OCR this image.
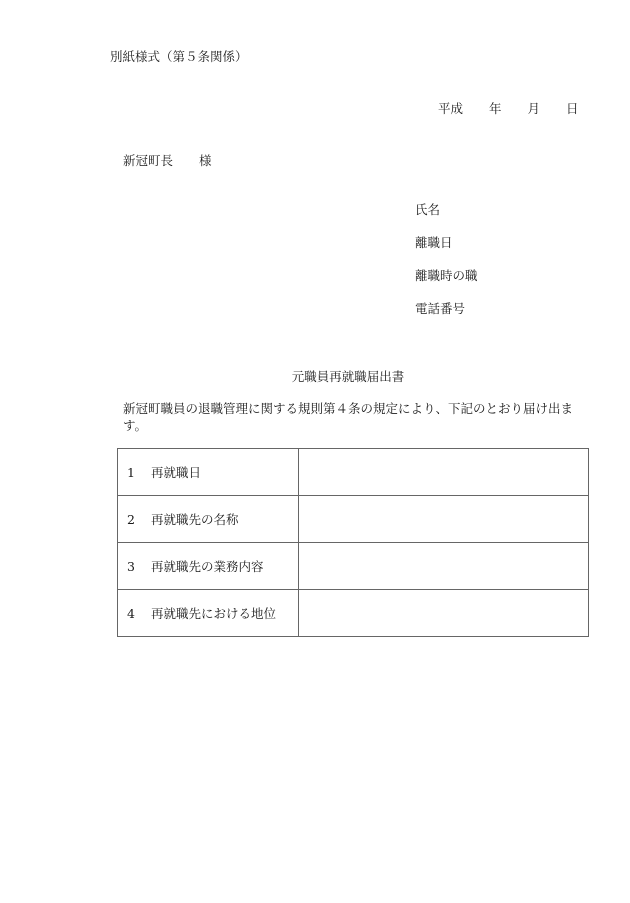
別紙様式（第５条関係）
平成 年 月 日
新冠町長 様
氏名
離職日
離職時の職
電話番号
元職員再就職届出書
新冠町職員の退職管理に関する規則第４条の規定により、下記のとおり届け出ます。
1 再就職日	
2 再就職先の名称	
3 再就職先の業務内容	
4 再就職先における地位	
